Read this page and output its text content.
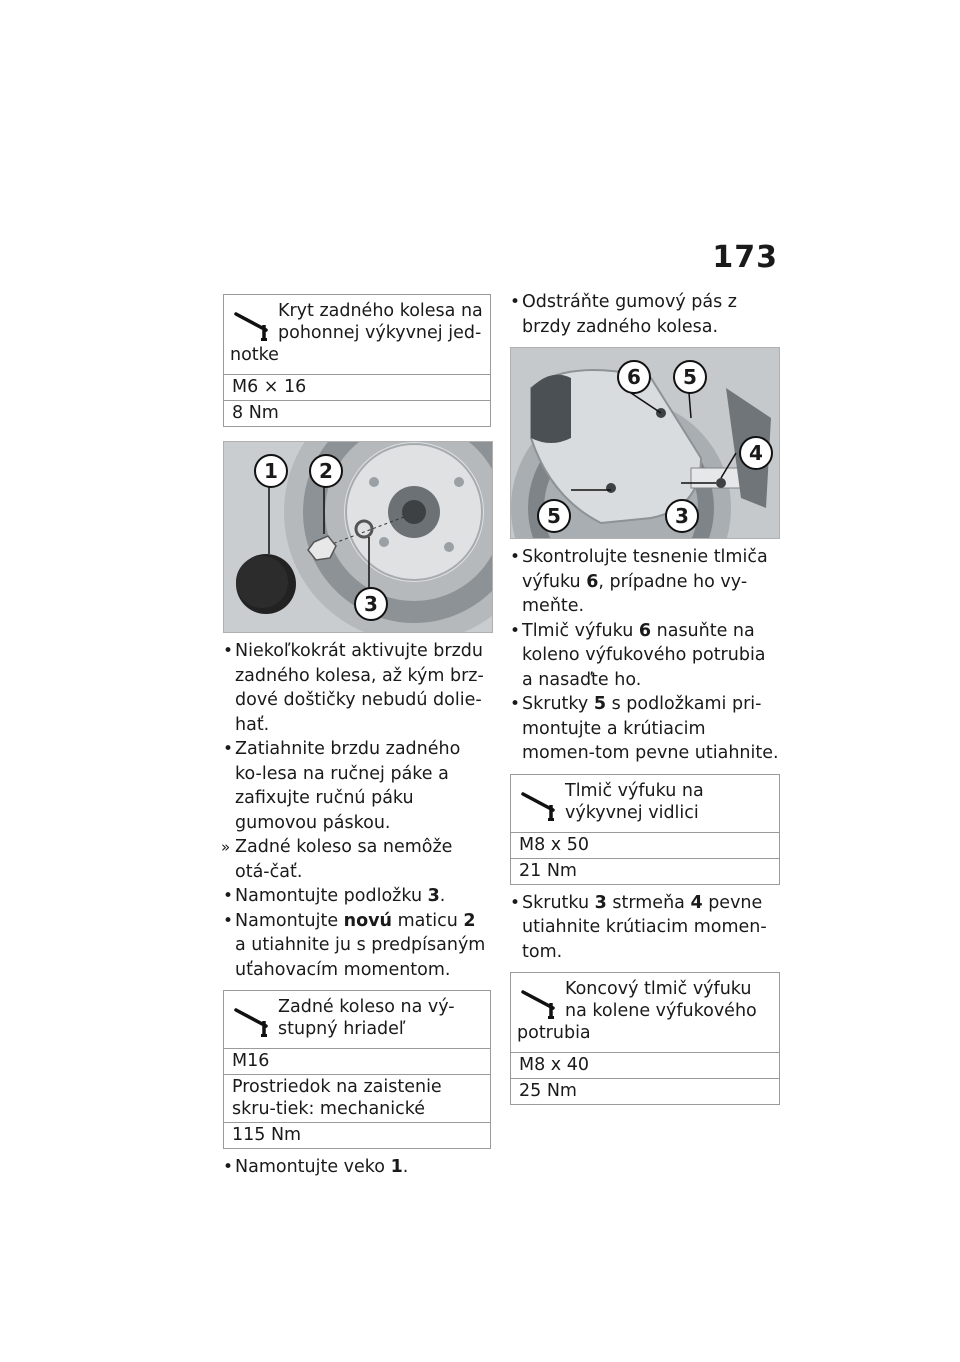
173
Kryt zadného kolesa na pohonnej výkyvnej jed-notke
M6 × 16
8 Nm
1	2
3
• Niekoľkokrát aktivujte brzdu zadného kolesa, až kým brz-dové doštičky nebudú dolie-hať.
• Zatiahnite brzdu zadného ko-lesa na ručnej páke a zafixujte ručnú páku gumovou páskou.
» Zadné koleso sa nemôže otá-čať.
• Namontujte podložku 3.
• Namontujte novú maticu 2 a utiahnite ju s predpísaným uťahovacím momentom.
Zadné koleso na vý-stupný hriadeľ
M16
Prostriedok na zaistenie skru-tiek: mechanické
115 Nm
• Namontujte veko 1.
• Odstráňte gumový pás z brzdy zadného kolesa.
6	5
4
5	3
• Skontrolujte tesnenie tlmiča výfuku 6, prípadne ho vy-meňte.
• Tlmič výfuku 6 nasuňte na koleno výfukového potrubia a nasaďte ho.
• Skrutky 5 s podložkami pri-montujte a krútiacim momen-tom pevne utiahnite.
Tlmič výfuku na výkyvnej vidlici
M8 x 50
21 Nm
• Skrutku 3 strmeňa 4 pevne utiahnite krútiacim momen-tom.
Koncový tlmič výfuku na kolene výfukového potrubia
M8 x 40
25 Nm
